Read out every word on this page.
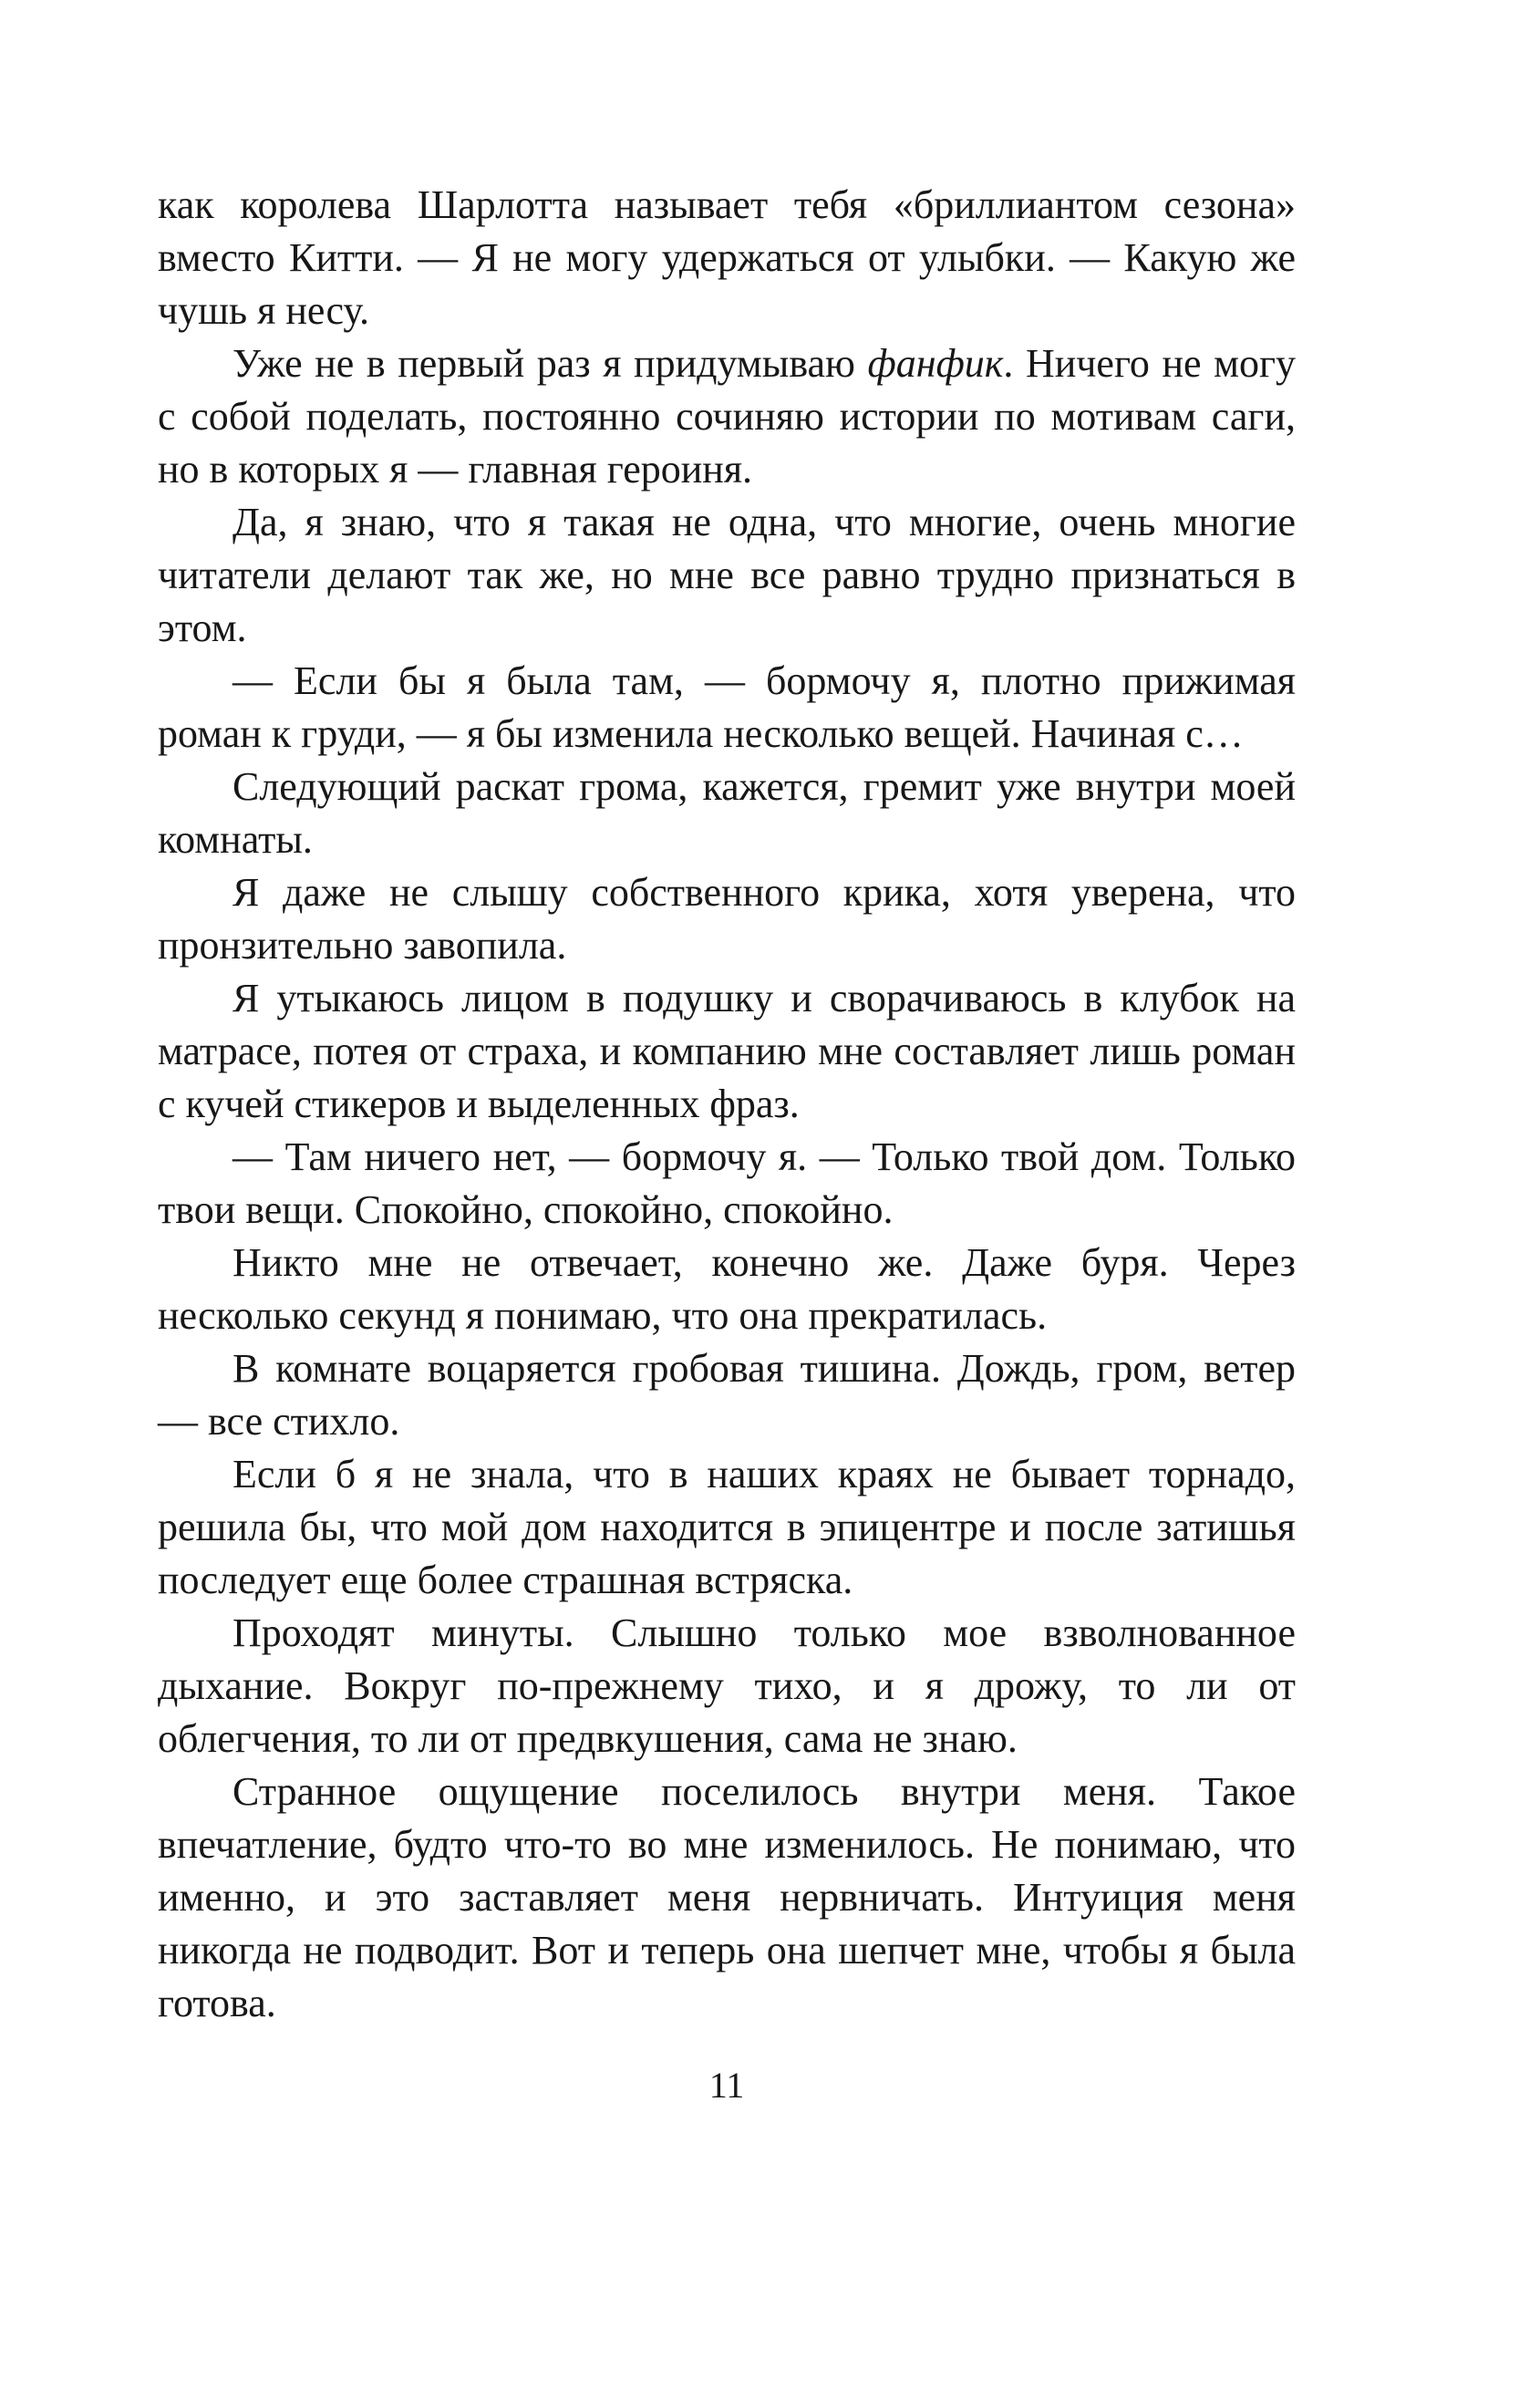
как королева Шарлотта называет тебя «бриллиантом сезона» вместо Китти. — Я не могу удержаться от улыбки. — Какую же чушь я несу.

Уже не в первый раз я придумываю фанфик. Ничего не могу с собой поделать, постоянно сочиняю истории по мотивам саги, но в которых я — главная героиня.

Да, я знаю, что я такая не одна, что многие, очень многие читатели делают так же, но мне все равно трудно признаться в этом.

— Если бы я была там, — бормочу я, плотно прижимая роман к груди, — я бы изменила несколько вещей. Начиная с…

Следующий раскат грома, кажется, гремит уже внутри моей комнаты.

Я даже не слышу собственного крика, хотя уверена, что пронзительно завопила.

Я утыкаюсь лицом в подушку и сворачиваюсь в клубок на матрасе, потея от страха, и компанию мне составляет лишь роман с кучей стикеров и выделенных фраз.

— Там ничего нет, — бормочу я. — Только твой дом. Только твои вещи. Спокойно, спокойно, спокойно.

Никто мне не отвечает, конечно же. Даже буря. Через несколько секунд я понимаю, что она прекратилась.

В комнате воцаряется гробовая тишина. Дождь, гром, ветер — все стихло.

Если б я не знала, что в наших краях не бывает торнадо, решила бы, что мой дом находится в эпицентре и после затишья последует еще более страшная встряска.

Проходят минуты. Слышно только мое взволнованное дыхание. Вокруг по-прежнему тихо, и я дрожу, то ли от облегчения, то ли от предвкушения, сама не знаю.

Странное ощущение поселилось внутри меня. Такое впечатление, будто что-то во мне изменилось. Не понимаю, что именно, и это заставляет меня нервничать. Интуиция меня никогда не подводит. Вот и теперь она шепчет мне, чтобы я была готова.

11
